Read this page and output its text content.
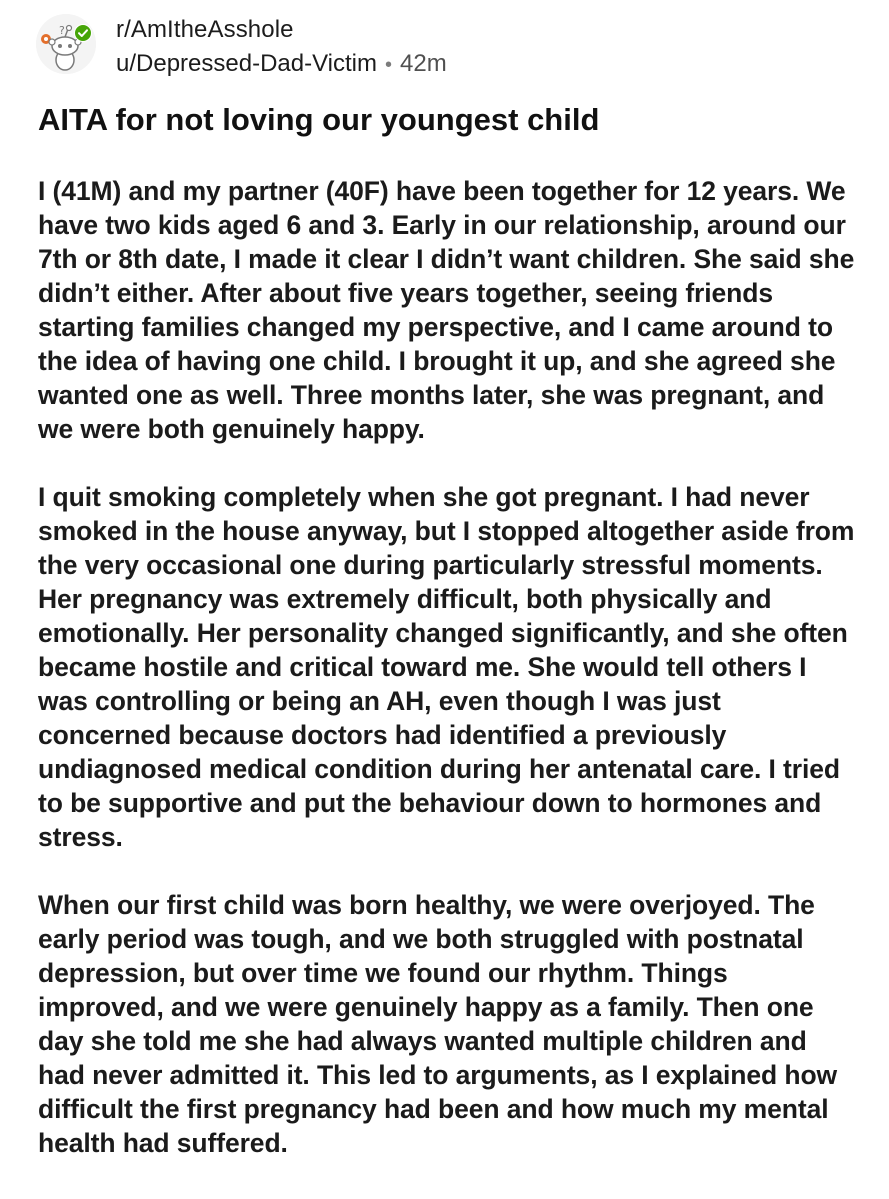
? r/AmItheAsshole
u/Depressed-Dad-Victim • 42m
AITA for not loving our youngest child

I (41M) and my partner (40F) have been together for 12 years. We have two kids aged 6 and 3. Early in our relationship, around our 7th or 8th date, I made it clear I didn’t want children. She said she didn’t either. After about five years together, seeing friends starting families changed my perspective, and I came around to the idea of having one child. I brought it up, and she agreed she wanted one as well. Three months later, she was pregnant, and we were both genuinely happy.

I quit smoking completely when she got pregnant. I had never smoked in the house anyway, but I stopped altogether aside from the very occasional one during particularly stressful moments. Her pregnancy was extremely difficult, both physically and emotionally. Her personality changed significantly, and she often became hostile and critical toward me. She would tell others I was controlling or being an AH, even though I was just concerned because doctors had identified a previously undiagnosed medical condition during her antenatal care. I tried to be supportive and put the behaviour down to hormones and stress.

When our first child was born healthy, we were overjoyed. The early period was tough, and we both struggled with postnatal depression, but over time we found our rhythm. Things improved, and we were genuinely happy as a family. Then one day she told me she had always wanted multiple children and had never admitted it. This led to arguments, as I explained how difficult the first pregnancy had been and how much my mental health had suffered.
